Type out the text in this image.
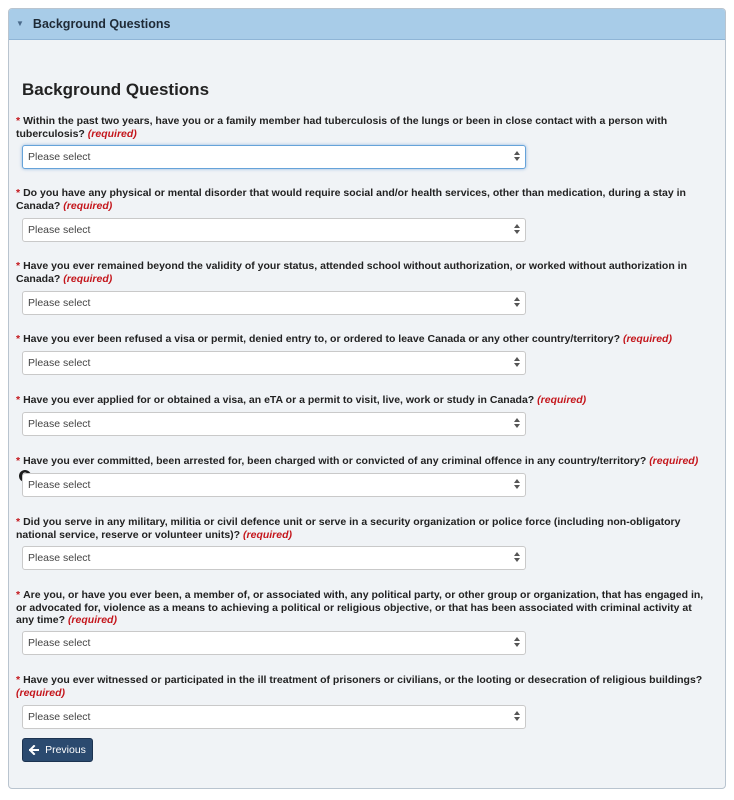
▼ Background Questions
Background Questions
* Within the past two years, have you or a family member had tuberculosis of the lungs or been in close contact with a person with tuberculosis? (required)
Please select
* Do you have any physical or mental disorder that would require social and/or health services, other than medication, during a stay in Canada? (required)
Please select
* Have you ever remained beyond the validity of your status, attended school without authorization, or worked without authorization in Canada? (required)
Please select
* Have you ever been refused a visa or permit, denied entry to, or ordered to leave Canada or any other country/territory? (required)
Please select
* Have you ever applied for or obtained a visa, an eTA or a permit to visit, live, work or study in Canada? (required)
Please select
* Have you ever committed, been arrested for, been charged with or convicted of any criminal offence in any country/territory? (required)
Please select
* Did you serve in any military, militia or civil defence unit or serve in a security organization or police force (including non-obligatory national service, reserve or volunteer units)? (required)
Please select
* Are you, or have you ever been, a member of, or associated with, any political party, or other group or organization, that has engaged in, or advocated for, violence as a means to achieving a political or religious objective, or that has been associated with criminal activity at any time? (required)
Please select
* Have you ever witnessed or participated in the ill treatment of prisoners or civilians, or the looting or desecration of religious buildings? (required)
Please select
Previous
